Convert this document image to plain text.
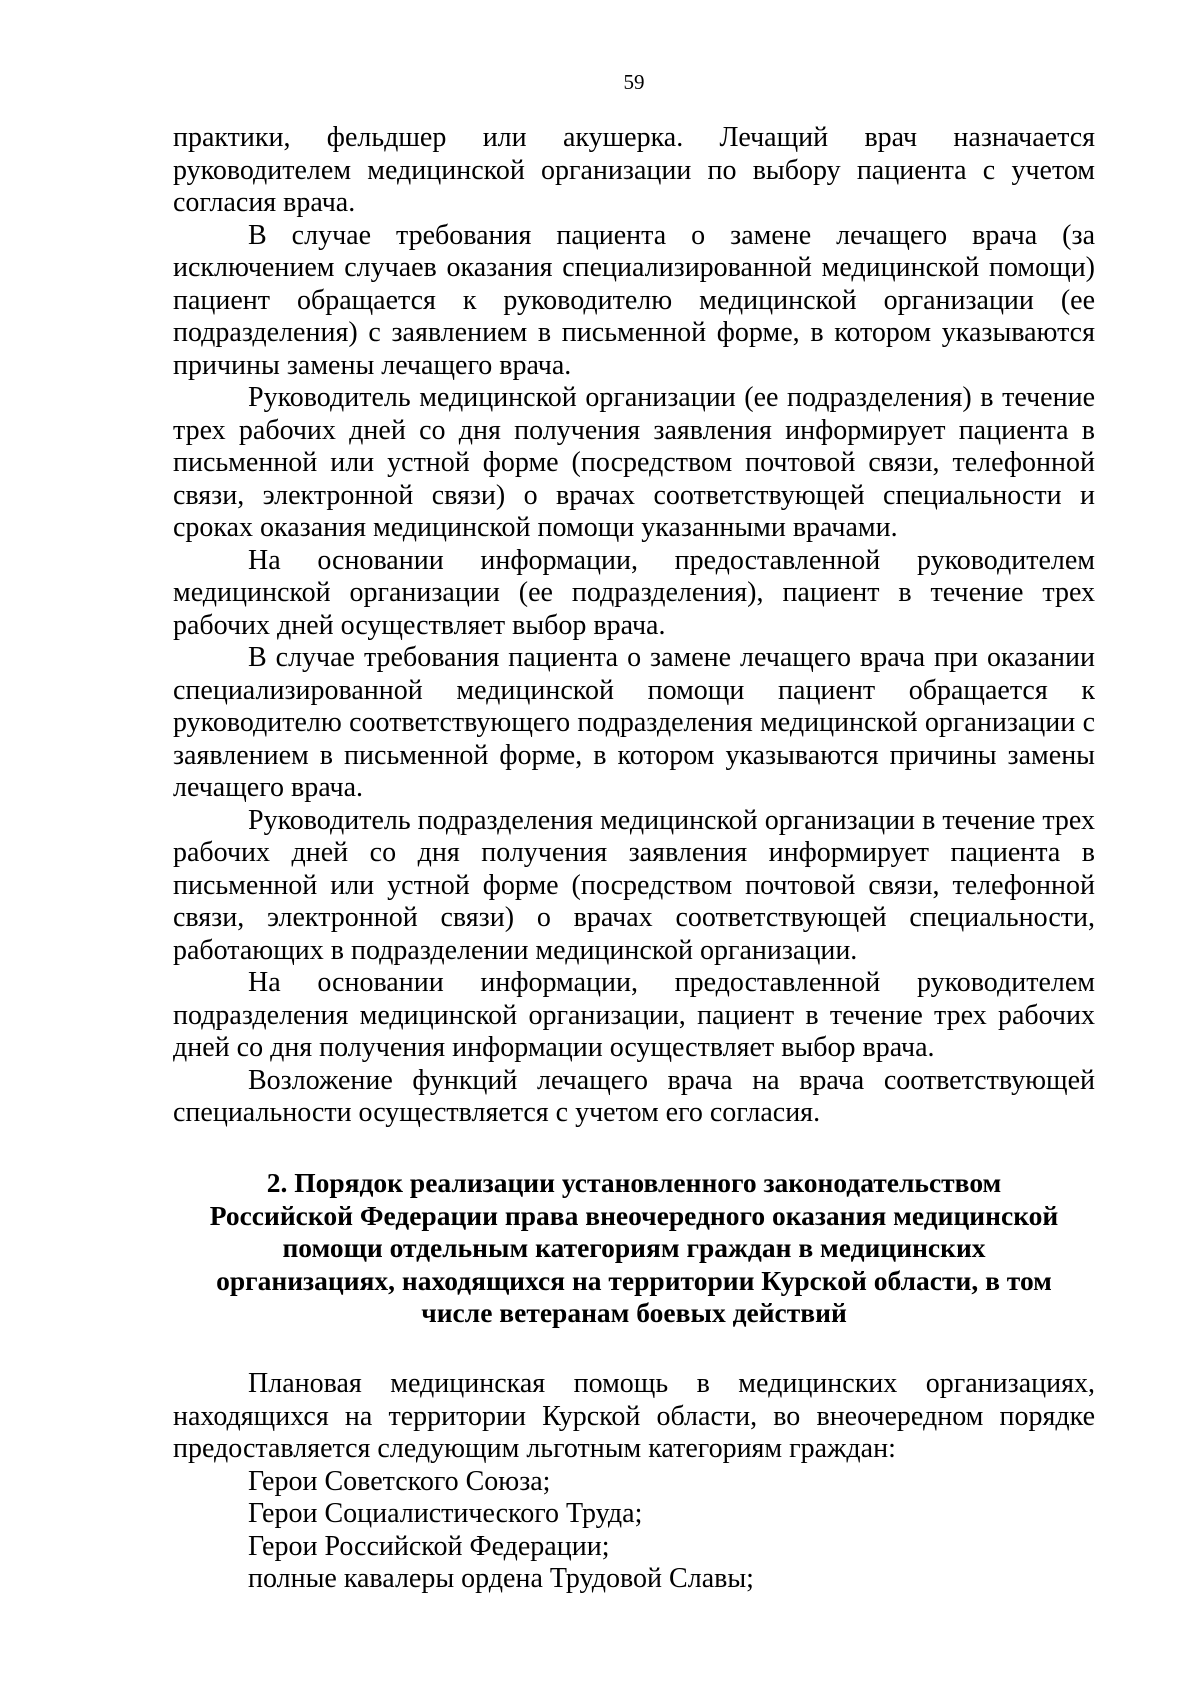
59

практики, фельдшер или акушерка. Лечащий врач назначается руководителем медицинской организации по выбору пациента с учетом согласия врача.

В случае требования пациента о замене лечащего врача (за исключением случаев оказания специализированной медицинской помощи) пациент обращается к руководителю медицинской организации (ее подразделения) с заявлением в письменной форме, в котором указываются причины замены лечащего врача.

Руководитель медицинской организации (ее подразделения) в течение трех рабочих дней со дня получения заявления информирует пациента в письменной или устной форме (посредством почтовой связи, телефонной связи, электронной связи) о врачах соответствующей специальности и сроках оказания медицинской помощи указанными врачами.

На основании информации, предоставленной руководителем медицинской организации (ее подразделения), пациент в течение трех рабочих дней осуществляет выбор врача.

В случае требования пациента о замене лечащего врача при оказании специализированной медицинской помощи пациент обращается к руководителю соответствующего подразделения медицинской организации с заявлением в письменной форме, в котором указываются причины замены лечащего врача.

Руководитель подразделения медицинской организации в течение трех рабочих дней со дня получения заявления информирует пациента в письменной или устной форме (посредством почтовой связи, телефонной связи, электронной связи) о врачах соответствующей специальности, работающих в подразделении медицинской организации.

На основании информации, предоставленной руководителем подразделения медицинской организации, пациент в течение трех рабочих дней со дня получения информации осуществляет выбор врача.

Возложение функций лечащего врача на врача соответствующей специальности осуществляется с учетом его согласия.

2. Порядок реализации установленного законодательством
Российской Федерации права внеочередного оказания медицинской
помощи отдельным категориям граждан в медицинских
организациях, находящихся на территории Курской области, в том
числе ветеранам боевых действий

Плановая медицинская помощь в медицинских организациях, находящихся на территории Курской области, во внеочередном порядке предоставляется следующим льготным категориям граждан:

Герои Советского Союза;

Герои Социалистического Труда;

Герои Российской Федерации;

полные кавалеры ордена Трудовой Славы;
